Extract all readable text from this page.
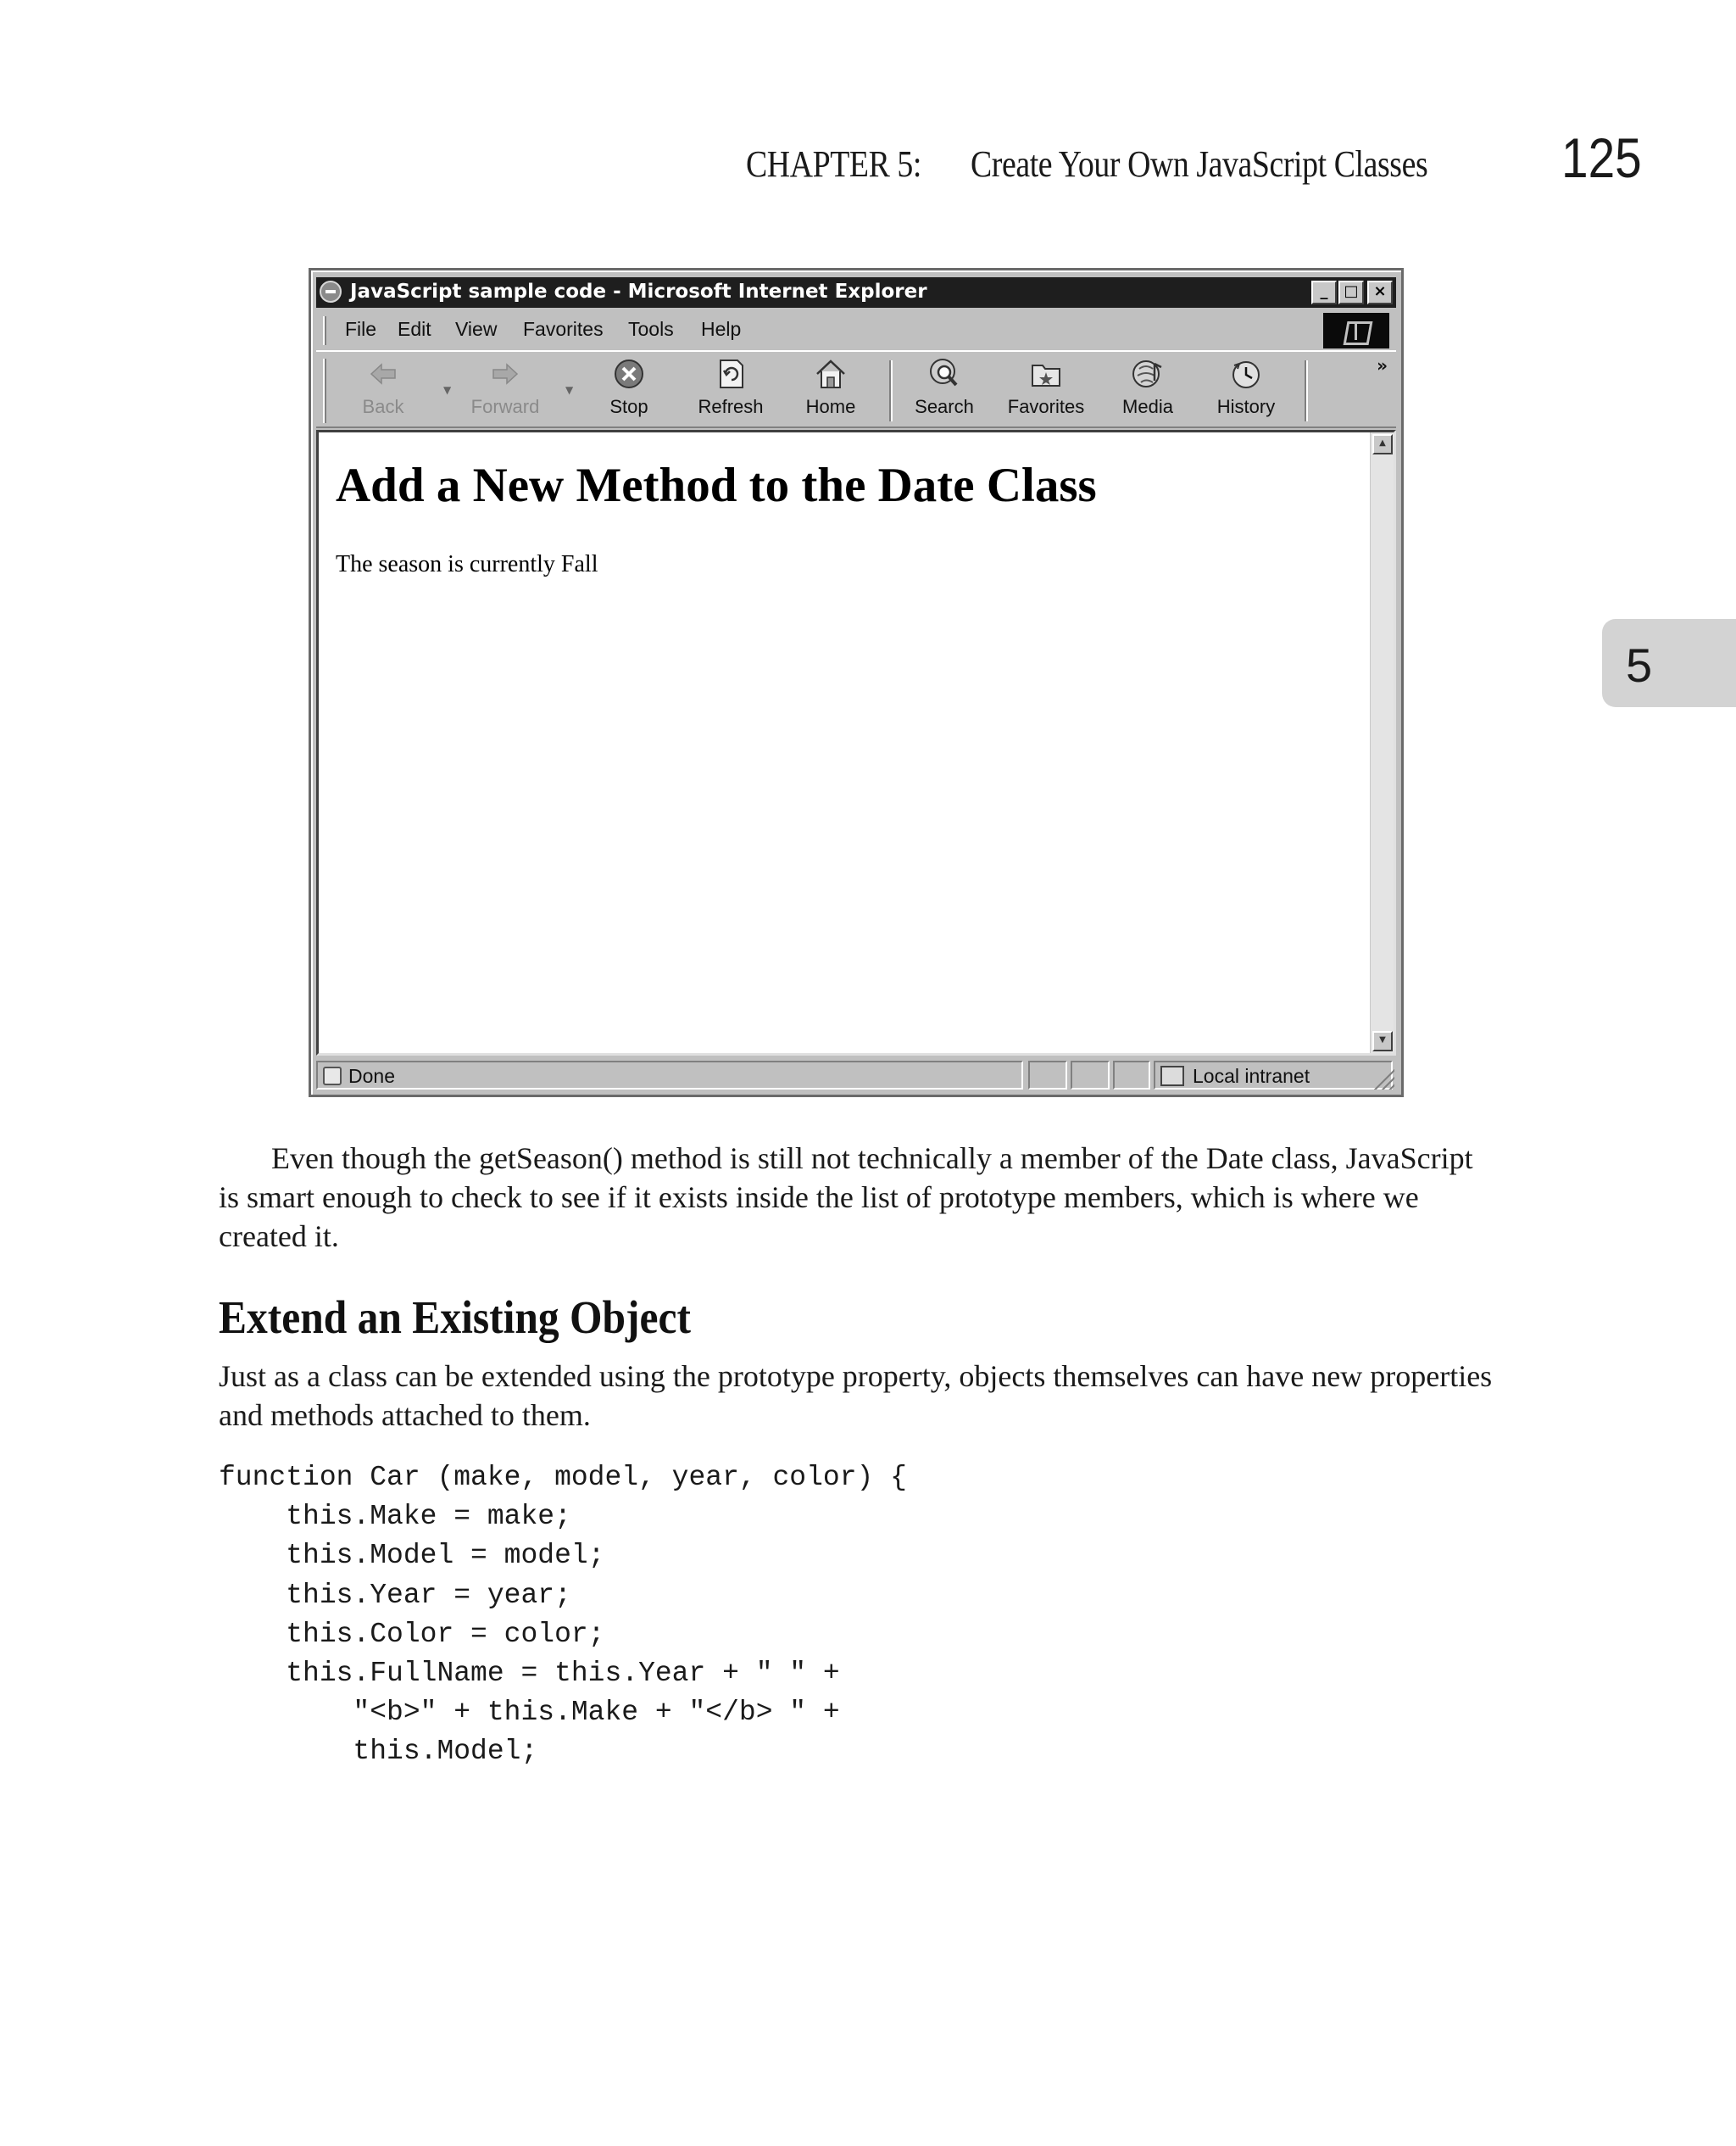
CHAPTER 5: Create Your Own JavaScript Classes 125
5
JavaScript sample code - Microsoft Internet Explorer	_	□ ×
File Edit View Favorites Tools Help
Back
▼
Forward
▼
Stop	Refresh	Home	Search	Favorites	Media	History
»
Add a New Method to the Date Class
The season is currently Fall
▲
▼
Done	Local intranet

Even though the getSeason() method is still not technically a member of the Date class, JavaScript is smart enough to check to see if it exists inside the list of prototype members, which is where we created it.

Extend an Existing Object

Just as a class can be extended using the prototype property, objects themselves can have new properties and methods attached to them.

function Car (make, model, year, color) {
this.Make = make;
this.Model = model;
this.Year = year;
this.Color = color;
this.FullName = this.Year + " " +
"<b>" + this.Make + "</b> " +
this.Model;
